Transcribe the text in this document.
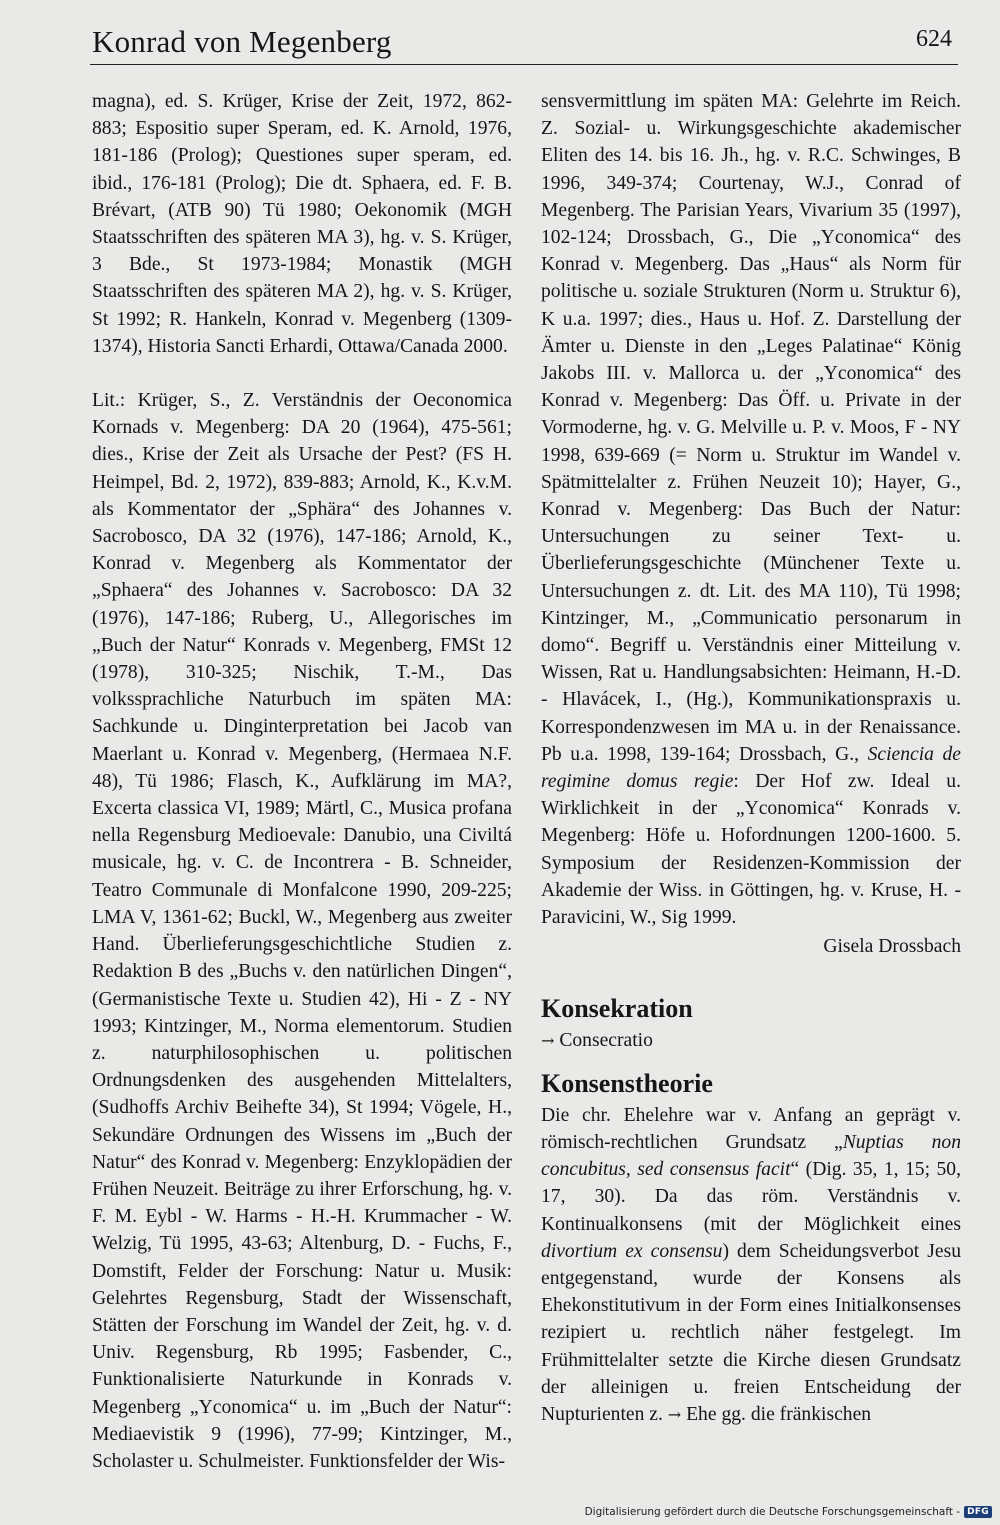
Konrad von Megenberg	624

magna), ed. S. Krüger, Krise der Zeit, 1972, 862-883; Espositio super Speram, ed. K. Arnold, 1976, 181-186 (Prolog); Questiones super speram, ed. ibid., 176-181 (Prolog); Die dt. Sphaera, ed. F. B. Brévart, (ATB 90) Tü 1980; Oekonomik (MGH Staatsschriften des späteren MA 3), hg. v. S. Krüger, 3 Bde., St 1973-1984; Monastik (MGH Staatsschriften des späteren MA 2), hg. v. S. Krüger, St 1992; R. Hankeln, Konrad v. Megenberg (1309-1374), Historia Sancti Erhardi, Ottawa/Canada 2000.

Lit.: Krüger, S., Z. Verständnis der Oeconomica Kornads v. Megenberg: DA 20 (1964), 475-561; dies., Krise der Zeit als Ursache der Pest? (FS H. Heimpel, Bd. 2, 1972), 839-883; Arnold, K., K.v.M. als Kommentator der „Sphära“ des Johannes v. Sacrobosco, DA 32 (1976), 147-186; Arnold, K., Konrad v. Megenberg als Kommentator der „Sphaera“ des Johannes v. Sacrobosco: DA 32 (1976), 147-186; Ruberg, U., Allegorisches im „Buch der Natur“ Konrads v. Megenberg, FMSt 12 (1978), 310-325; Nischik, T.-M., Das volkssprachliche Naturbuch im späten MA: Sachkunde u. Dinginterpretation bei Jacob van Maerlant u. Konrad v. Megenberg, (Hermaea N.F. 48), Tü 1986; Flasch, K., Aufklärung im MA?, Excerta classica VI, 1989; Märtl, C., Musica profana nella Regensburg Medioevale: Danubio, una Civiltá musicale, hg. v. C. de Incontrera - B. Schneider, Teatro Communale di Monfalcone 1990, 209-225; LMA V, 1361-62; Buckl, W., Megenberg aus zweiter Hand. Überlieferungsgeschichtliche Studien z. Redaktion B des „Buchs v. den natürlichen Dingen“, (Germanistische Texte u. Studien 42), Hi - Z - NY 1993; Kintzinger, M., Norma elementorum. Studien z. naturphilosophischen u. politischen Ordnungsdenken des ausgehenden Mittelalters, (Sudhoffs Archiv Beihefte 34), St 1994; Vögele, H., Sekundäre Ordnungen des Wissens im „Buch der Natur“ des Konrad v. Megenberg: Enzyklopädien der Frühen Neuzeit. Beiträge zu ihrer Erforschung, hg. v. F. M. Eybl - W. Harms - H.-H. Krummacher - W. Welzig, Tü 1995, 43-63; Altenburg, D. - Fuchs, F., Domstift, Felder der Forschung: Natur u. Musik: Gelehrtes Regensburg, Stadt der Wissenschaft, Stätten der Forschung im Wandel der Zeit, hg. v. d. Univ. Regensburg, Rb 1995; Fasbender, C., Funktionalisierte Naturkunde in Konrads v. Megenberg „Yconomica“ u. im „Buch der Natur“: Mediaevistik 9 (1996), 77-99; Kintzinger, M., Scholaster u. Schulmeister. Funktionsfelder der Wis-

sensvermittlung im späten MA: Gelehrte im Reich. Z. Sozial- u. Wirkungsgeschichte akademischer Eliten des 14. bis 16. Jh., hg. v. R.C. Schwinges, B 1996, 349-374; Courtenay, W.J., Conrad of Megenberg. The Parisian Years, Vivarium 35 (1997), 102-124; Drossbach, G., Die „Yconomica“ des Konrad v. Megenberg. Das „Haus“ als Norm für politische u. soziale Strukturen (Norm u. Struktur 6), K u.a. 1997; dies., Haus u. Hof. Z. Darstellung der Ämter u. Dienste in den „Leges Palatinae“ König Jakobs III. v. Mallorca u. der „Yconomica“ des Konrad v. Megenberg: Das Öff. u. Private in der Vormoderne, hg. v. G. Melville u. P. v. Moos, F - NY 1998, 639-669 (= Norm u. Struktur im Wandel v. Spätmittelalter z. Frühen Neuzeit 10); Hayer, G., Konrad v. Megenberg: Das Buch der Natur: Untersuchungen zu seiner Text- u. Überlieferungsgeschichte (Münchener Texte u. Untersuchungen z. dt. Lit. des MA 110), Tü 1998; Kintzinger, M., „Communicatio personarum in domo“. Begriff u. Verständnis einer Mitteilung v. Wissen, Rat u. Handlungsabsichten: Heimann, H.-D. - Hlavácek, I., (Hg.), Kommunikationspraxis u. Korrespondenzwesen im MA u. in der Renaissance. Pb u.a. 1998, 139-164; Drossbach, G., Sciencia de regimine domus regie: Der Hof zw. Ideal u. Wirklichkeit in der „Yconomica“ Konrads v. Megenberg: Höfe u. Hofordnungen 1200-1600. 5. Symposium der Residenzen-Kommission der Akademie der Wiss. in Göttingen, hg. v. Kruse, H. - Paravicini, W., Sig 1999.

Gisela Drossbach
Konsekration

→ Consecratio

Konsenstheorie

Die chr. Ehelehre war v. Anfang an geprägt v. römisch-rechtlichen Grundsatz „Nuptias non concubitus, sed consensus facit“ (Dig. 35, 1, 15; 50, 17, 30). Da das röm. Verständnis v. Kontinualkonsens (mit der Möglichkeit eines divortium ex consensu) dem Scheidungsverbot Jesu entgegenstand, wurde der Konsens als Ehekonstitutivum in der Form eines Initialkonsenses rezipiert u. rechtlich näher festgelegt. Im Frühmittelalter setzte die Kirche diesen Grundsatz der alleinigen u. freien Entscheidung der Nupturienten z. → Ehe gg. die fränkischen

Digitalisierung gefördert durch die Deutsche Forschungsgemeinschaft - DFG
